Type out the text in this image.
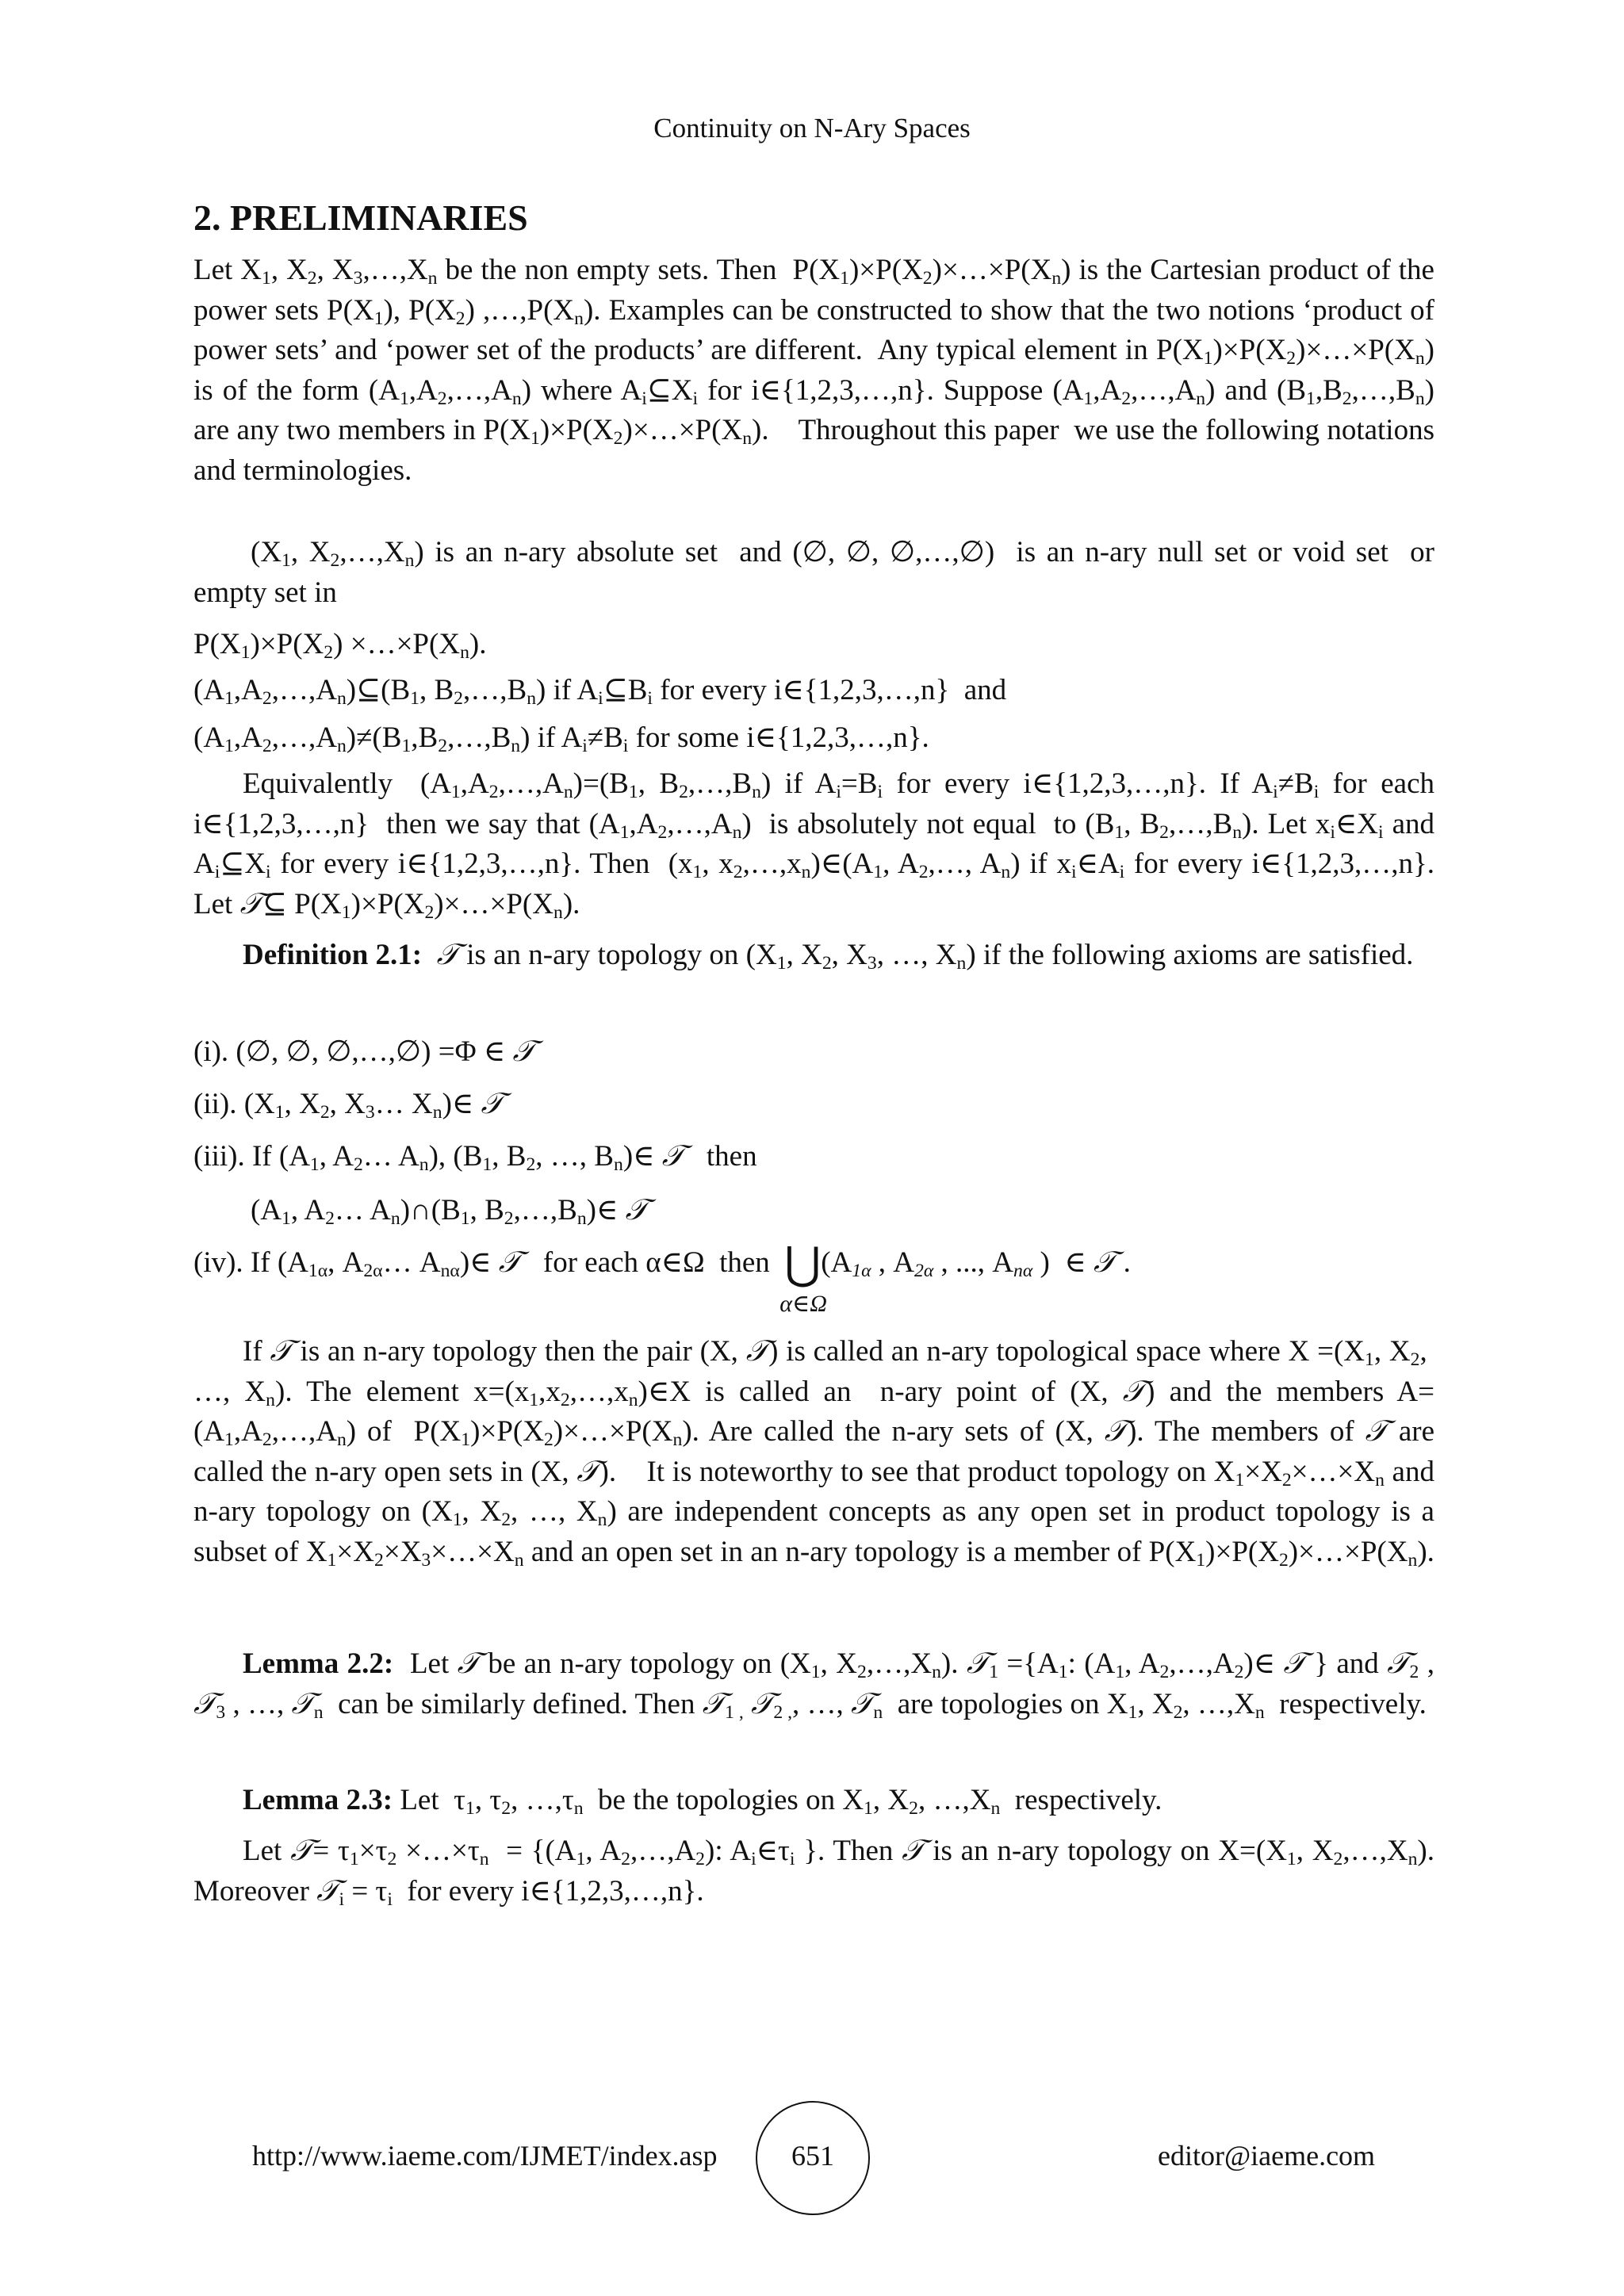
Continuity on N-Ary Spaces
2. PRELIMINARIES

Let $X_1$, $X_2$, $X_3,\dots,X_n$ be the non empty sets. Then  $P(X_1)\times P(X_2)\times\dots\times P(X_n)$ is the Cartesian product of the power sets $P(X_1)$, $P(X_2)$ $,\dots,P(X_n)$. Examples can be constructed to show that the two notions ‘product of power sets’ and ‘power set of the products’ are different.  Any typical element in $P(X_1)\times P(X_2)\times\dots\times P(X_n)$ is of the form $(A_1,A_2,\dots,A_n)$ where $A_i⊆X_i$ for i∈{1,2,3,…,n}. Suppose $(A_1,A_2,\dots,A_n)$ and $(B_1,B_2,\dots,B_n)$ are any two members in $P(X_1)\times P(X_2)\times\dots\times P(X_n)$.    Throughout this paper  we use the following notations and terminologies.

($X_1$, $X_2,\dots,X_n$) is an n-ary absolute set  and (∅, ∅, ∅,…,∅)  is an n-ary null set or void set  or empty set in

$P(X_1)\times P(X_2)$ $\times\dots\times P(X_n)$.

$(A_1,A_2,\dots,A_n)⊆(B_1$, $B_2,\dots,B_n$) if $A_i⊆B_i$ for every i∈{1,2,3,…,n}  and

$(A_1,A_2,\dots,A_n)\ne(B_1,B_2,\dots,B_n)$ if $A_i\ne B_i$ for some i∈{1,2,3,…,n}.

Equivalently  $(A_1,A_2,\dots,A_n)=(B_1$, $B_2,\dots,B_n$) if $A_i=B_i$ for every i∈{1,2,3,…,n}. If $A_i\ne B_i$ for each i∈{1,2,3,…,n}  then we say that $(A_1,A_2,\dots,A_n)$  is absolutely not equal  to ($B_1$, $B_2,\dots,B_n$). Let $x_i\in X_i$ and $A_i⊆X_i$ for every i∈{1,2,3,…,n}. Then  ($x_1$, $x_2,\dots,x_n)\in(A_1$, $A_2,\dots$, $A_n$) if $x_i\in A_i$ for every i∈{1,2,3,…,n}. Let 𝒯⊆ $P(X_1)\times P(X_2)\times\dots\times P(X_n)$.

Definition 2.1: 𝒯 is an n-ary topology on ($X_1$, $X_2$, $X_3$, …, $X_n$) if the following axioms are satisfied.

(i). (∅, ∅, ∅,…,∅) =Φ ∈ 𝒯

(ii). ($X_1$, $X_2$, $X_3\dots$ $X_n)\in$ 𝒯

(iii). If ($A_1$, $A_2\dots$ $A_n$), ($B_1$, $B_2$, …, $B_n)\in$ 𝒯   then

($A_1$, $A_2\dots$ $A_n)\cap(B_1$, $B_2,\dots,B_n)\in$ 𝒯

(iv). If ($A_{1\alpha}$, $A_{2\alpha}\dots$ $A_{n\alpha})\in$ 𝒯   for each α∈Ω  then  ⋃
α∈Ω
($A_{1\alpha}$ , $A_{2\alpha}$ , ..., $A_{n\alpha}$ )  ∈ 𝒯 .

If 𝒯 is an n-ary topology then the pair (X, 𝒯) is called an n-ary topological space where $X =(X_1$, $X_2$,  …, $X_n$). The element $x=(x_1,x_2,\dots,x_n)\in X$ is called an  n-ary point of (X, 𝒯) and the members $A=(A_1,A_2,\dots,A_n)$ of  $P(X_1)\times P(X_2)\times\dots\times P(X_n)$. Are called the n-ary sets of (X, 𝒯). The members of 𝒯 are called the n-ary open sets in (X, 𝒯).    It is noteworthy to see that product topology on $X_1\times X_2\times\dots\times X_n$ and n-ary topology on ($X_1$, $X_2$, …, $X_n$) are independent concepts as any open set in product topology is a subset of $X_1\times X_2\times X_3\times\dots\times X_n$ and an open set in an n-ary topology is a member of $P(X_1)\times P(X_2)\times\dots\times P(X_n)$.

Lemma 2.2:  Let 𝒯 be an n-ary topology on ($X_1$, $X_2,\dots,X_n$). 𝒯$_1$ $=\{A_1$: ($A_1$, $A_2,\dots,A_2)\in$ 𝒯 } and 𝒯$_2$ , 𝒯$_3$ , …, 𝒯$_n$  can be similarly defined. Then 𝒯$_{1 ,}$ 𝒯$_{2 ,}$, …, 𝒯$_n$  are topologies on $X_1$, $X_2$, $\dots,X_n$  respectively.

Lemma 2.3: Let  $\tau_1$, $\tau_2$, $\dots,\tau_n$  be the topologies on $X_1$, $X_2$, $\dots,X_n$  respectively.

Let 𝒯= $\tau_1\times\tau_2$ $\times\dots\times\tau_n = \{(A_1$, $A_2,\dots,A_2$): $A_i\in\tau_i$ }. Then 𝒯 is an n-ary topology on $X=(X_1$, $X_2,\dots,X_n$). Moreover 𝒯$_i$ = $\tau_i$  for every i∈{1,2,3,…,n}.

http://www.iaeme.com/IJMET/index.asp	651	editor@iaeme.com
